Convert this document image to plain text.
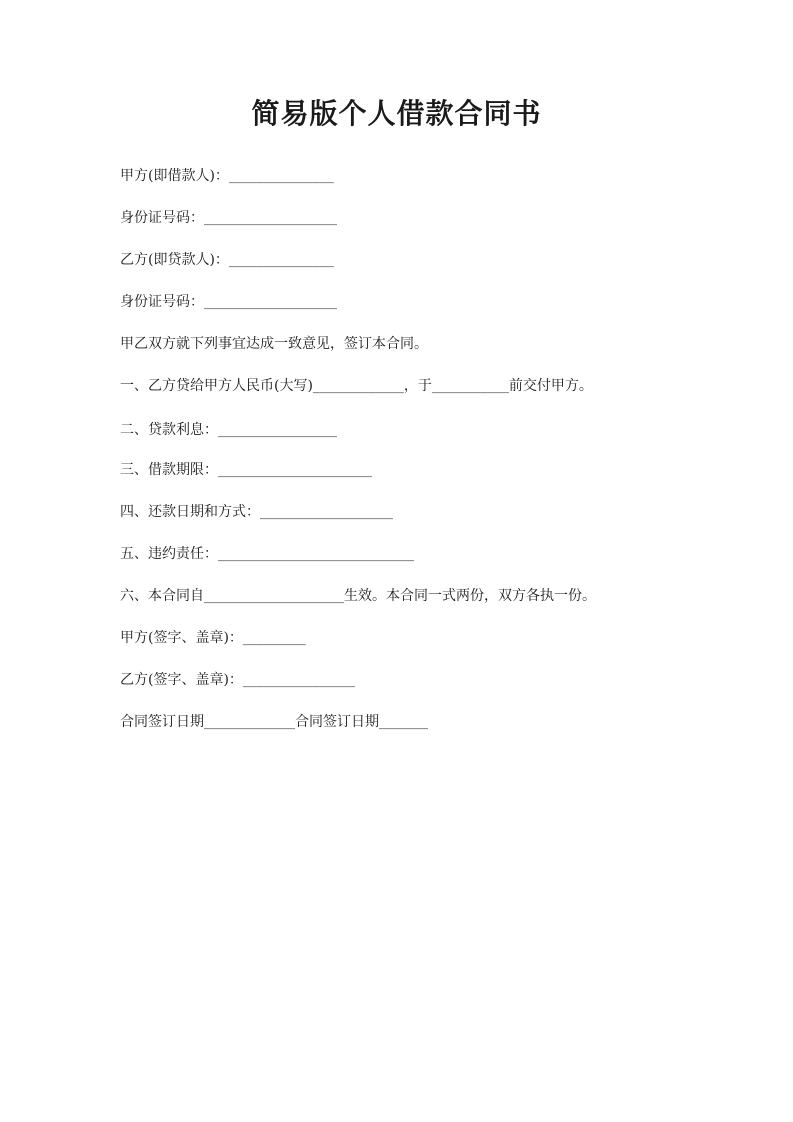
简易版个人借款合同书
甲方(即借款人)：_______________
身份证号码：___________________
乙方(即贷款人)：_______________
身份证号码：___________________
甲乙双方就下列事宜达成一致意见，签订本合同。
一、乙方贷给甲方人民币(大写)_____________，于___________前交付甲方。
二、贷款利息：_________________
三、借款期限：______________________
四、还款日期和方式：___________________
五、违约责任：____________________________
六、本合同自____________________生效。本合同一式两份，双方各执一份。
甲方(签字、盖章)：_________
乙方(签字、盖章)：________________
合同签订日期_____________合同签订日期_______
